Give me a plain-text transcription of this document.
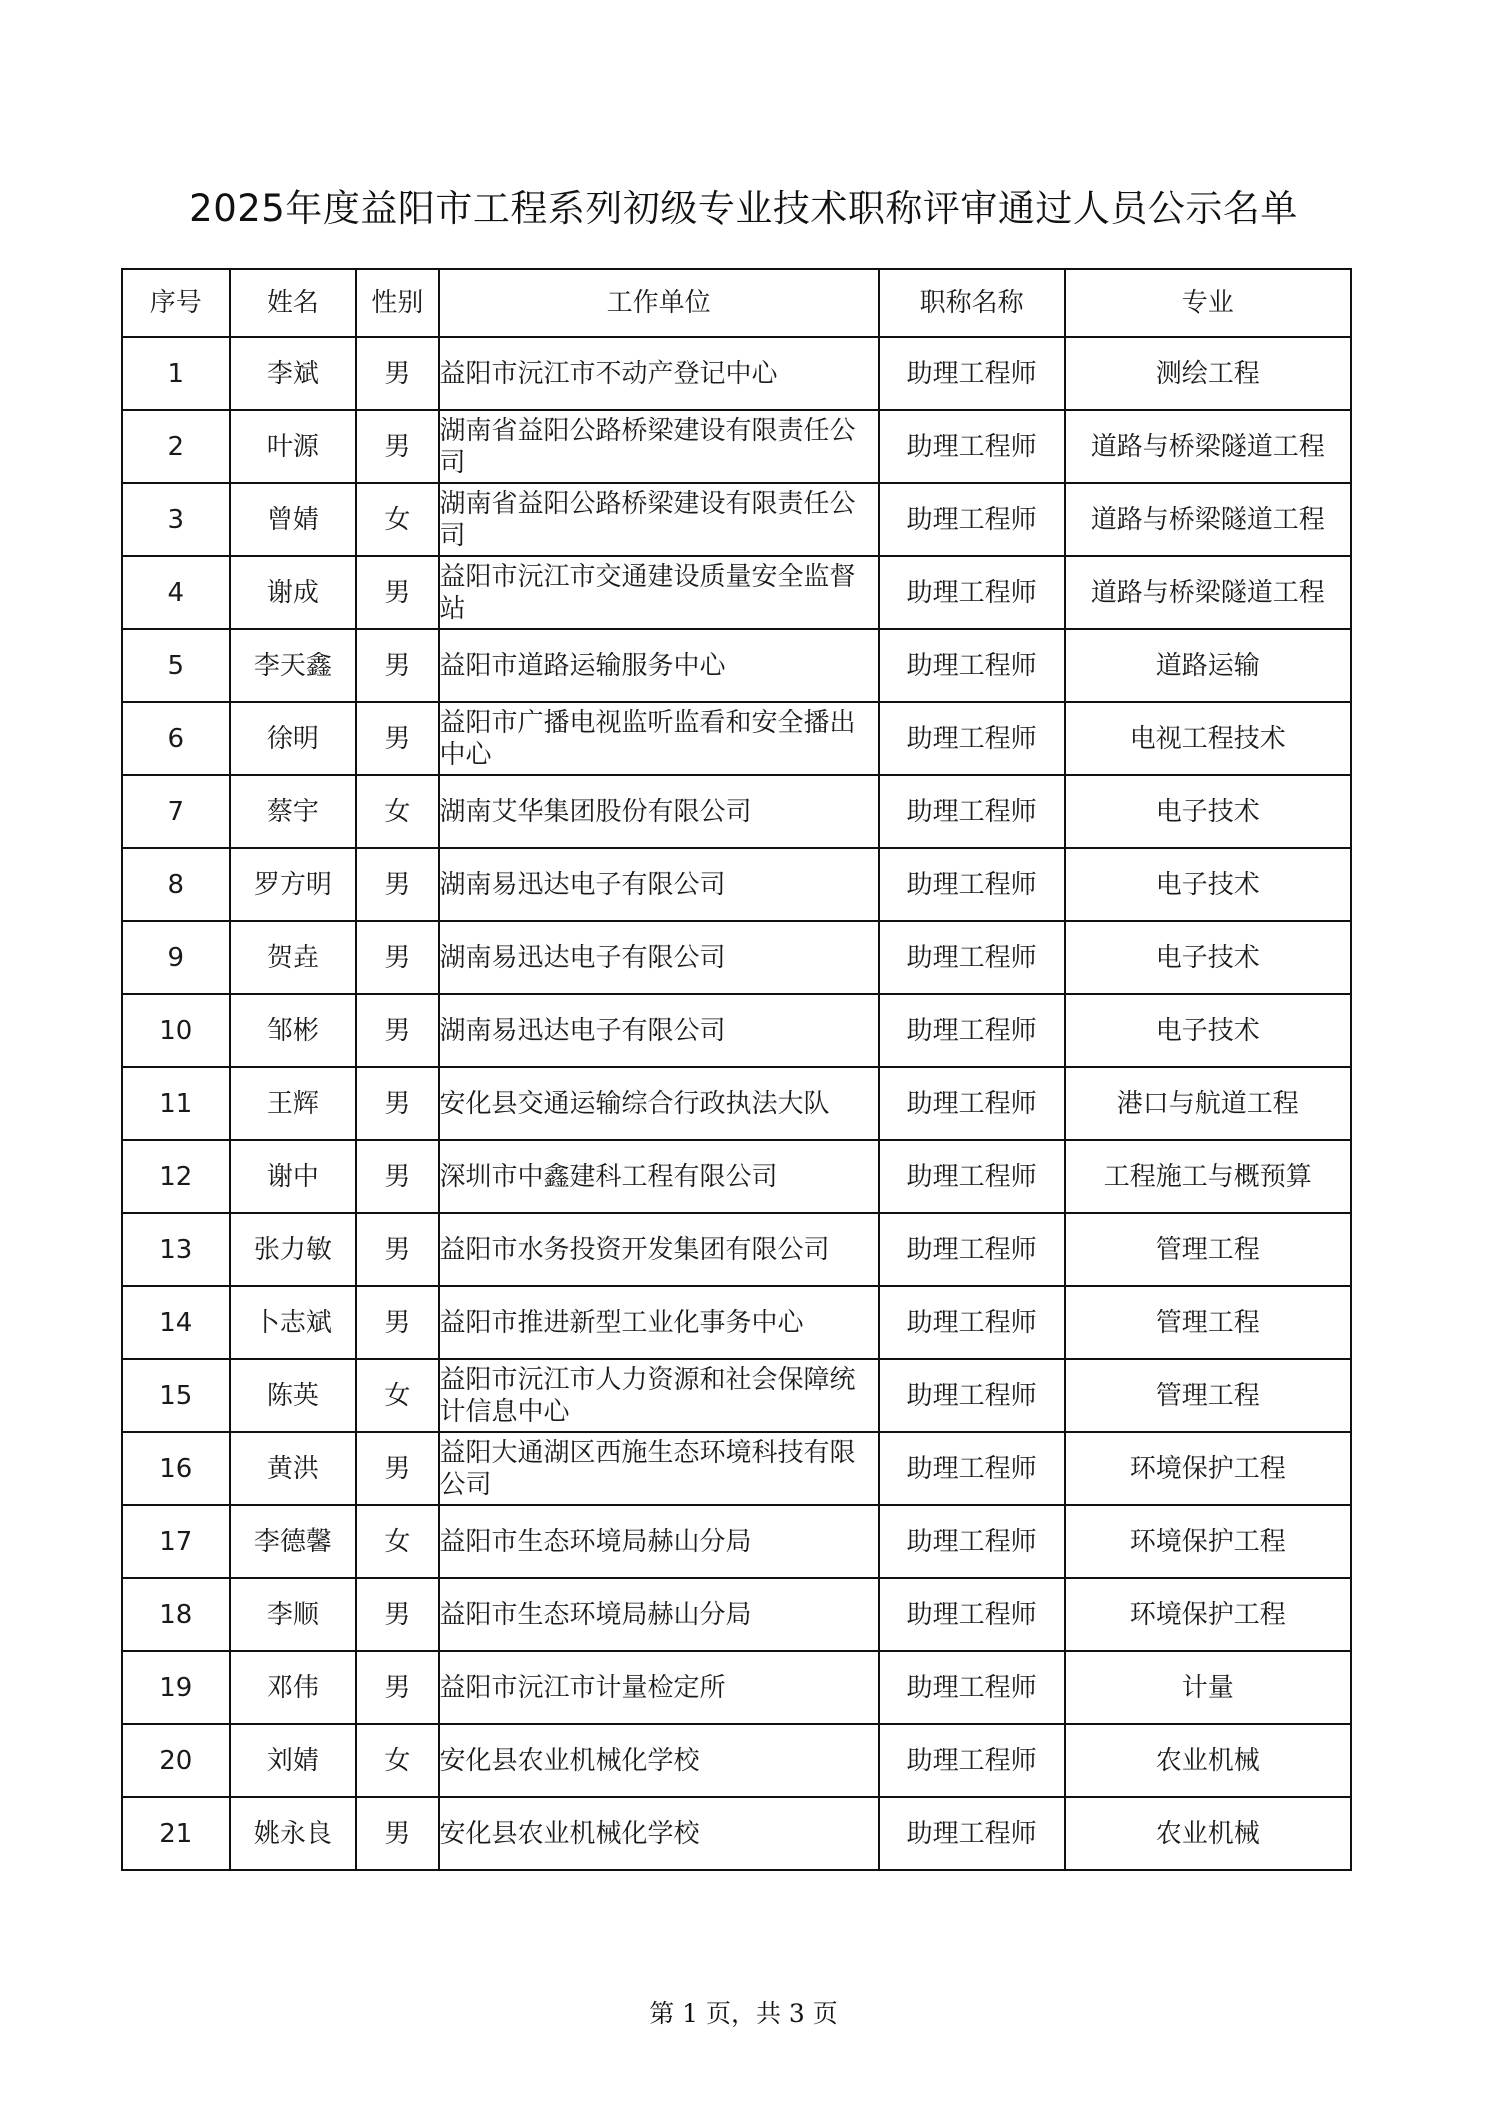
2025年度益阳市工程系列初级专业技术职称评审通过人员公示名单
序号	姓名	性别	工作单位	职称名称	专业
1	李斌	男	益阳市沅江市不动产登记中心	助理工程师	测绘工程
2	叶源	男	湖南省益阳公路桥梁建设有限责任公司	助理工程师	道路与桥梁隧道工程
3	曾婧	女	湖南省益阳公路桥梁建设有限责任公司	助理工程师	道路与桥梁隧道工程
4	谢成	男	益阳市沅江市交通建设质量安全监督站	助理工程师	道路与桥梁隧道工程
5	李天鑫	男	益阳市道路运输服务中心	助理工程师	道路运输
6	徐明	男	益阳市广播电视监听监看和安全播出中心	助理工程师	电视工程技术
7	蔡宇	女	湖南艾华集团股份有限公司	助理工程师	电子技术
8	罗方明	男	湖南易迅达电子有限公司	助理工程师	电子技术
9	贺垚	男	湖南易迅达电子有限公司	助理工程师	电子技术
10	邹彬	男	湖南易迅达电子有限公司	助理工程师	电子技术
11	王辉	男	安化县交通运输综合行政执法大队	助理工程师	港口与航道工程
12	谢中	男	深圳市中鑫建科工程有限公司	助理工程师	工程施工与概预算
13	张力敏	男	益阳市水务投资开发集团有限公司	助理工程师	管理工程
14	卜志斌	男	益阳市推进新型工业化事务中心	助理工程师	管理工程
15	陈英	女	益阳市沅江市人力资源和社会保障统计信息中心	助理工程师	管理工程
16	黄洪	男	益阳大通湖区西施生态环境科技有限公司	助理工程师	环境保护工程
17	李德馨	女	益阳市生态环境局赫山分局	助理工程师	环境保护工程
18	李顺	男	益阳市生态环境局赫山分局	助理工程师	环境保护工程
19	邓伟	男	益阳市沅江市计量检定所	助理工程师	计量
20	刘婧	女	安化县农业机械化学校	助理工程师	农业机械
21	姚永良	男	安化县农业机械化学校	助理工程师	农业机械
第 1 页，共 3 页
